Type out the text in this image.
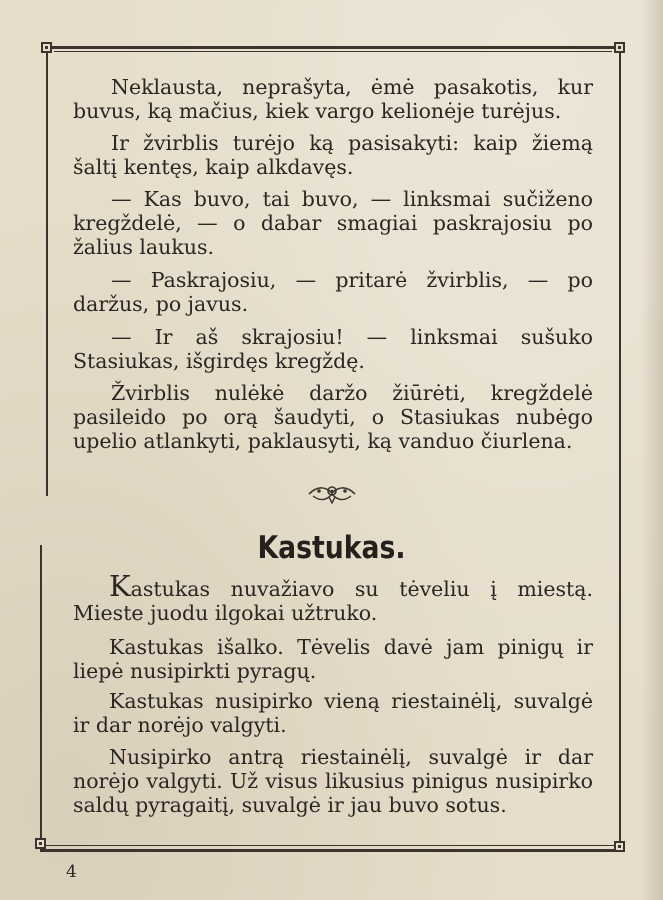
Neklausta, neprašyta, ėmė pasakotis, kur buvus, ką mačius, kiek vargo kelionėje turėjus.

Ir žvirblis turėjo ką pasisakyti: kaip žiemą šaltį kentęs, kaip alkdavęs.

— Kas buvo, tai buvo, — linksmai sučiženo kregždelė, — o dabar smagiai paskrajosiu po žalius laukus.

— Paskrajosiu, — pritarė žvirblis, — po daržus, po javus.

— Ir aš skrajosiu! — linksmai sušuko Stasiukas, išgirdęs kregždę.

Žvirblis nulėkė daržo žiūrėti, kregždelė pasileido po orą šaudyti, o Stasiukas nubėgo upelio atlankyti, paklausyti, ką vanduo čiurlena.

Kastukas.

Kastukas nuvažiavo su tėveliu į miestą. Mieste juodu ilgokai užtruko.

Kastukas išalko. Tėvelis davė jam pinigų ir liepė nusipirkti pyragų.

Kastukas nusipirko vieną riestainėlį, suvalgė ir dar norėjo valgyti.

Nusipirko antrą riestainėlį, suvalgė ir dar norėjo valgyti. Už visus likusius pinigus nusipirko saldų pyragaitį, suvalgė ir jau buvo sotus.

4
